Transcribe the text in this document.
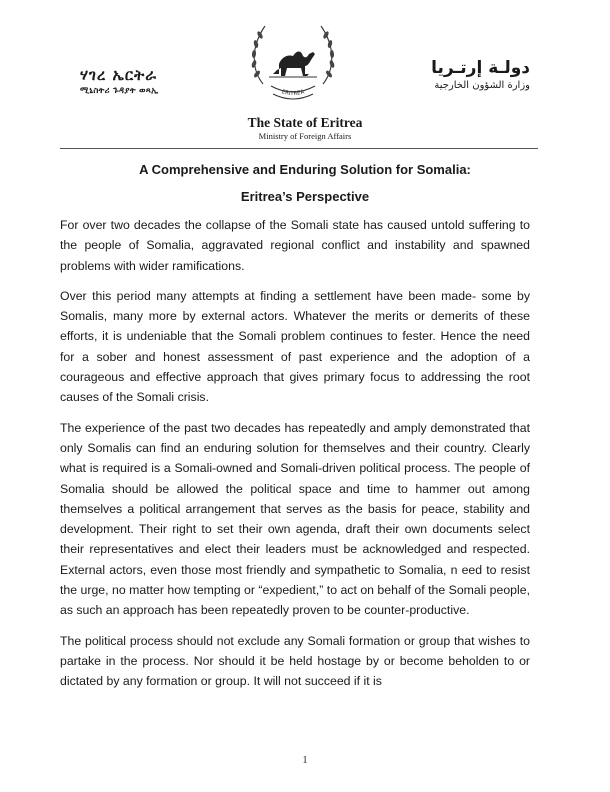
ሃገረ ኤርትራ
ሚኒስትሪ ጉዳያት ወጻኢ	ERITREA
دولـة إرتـريا
وزارة الشؤون الخارجية
The State of Eritrea
Ministry of Foreign Affairs
A Comprehensive and Enduring Solution for Somalia:
Eritrea’s Perspective

For over two decades the collapse of the Somali state has caused untold suffering to the people of Somalia, aggravated regional conflict and instability and spawned problems with wider ramifications.

Over this period many attempts at finding a settlement have been made- some by Somalis, many more by external actors. Whatever the merits or demerits of these efforts, it is undeniable that the Somali problem continues to fester. Hence the need for a sober and honest assessment of past experience and the adoption of a courageous and effective approach that gives primary focus to addressing the root causes of the Somali crisis.

The experience of the past two decades has repeatedly and amply demonstrated that only Somalis can find an enduring solution for themselves and their country. Clearly what is required is a Somali-owned and Somali-driven political process. The people of Somalia should be allowed the political space and time to hammer out among themselves a political arrangement that serves as the basis for peace, stability and development. Their right to set their own agenda, draft their own documents select their representatives and elect their leaders must be acknowledged and respected. External actors, even those most friendly and sympathetic to Somalia, n eed to resist the urge, no matter how tempting or “expedient,” to act on behalf of the Somali people, as such an approach has been repeatedly proven to be counter-productive.

The political process should not exclude any Somali formation or group that wishes to partake in the process. Nor should it be held hostage by or become beholden to or dictated by any formation or group. It will not succeed if it is

1
